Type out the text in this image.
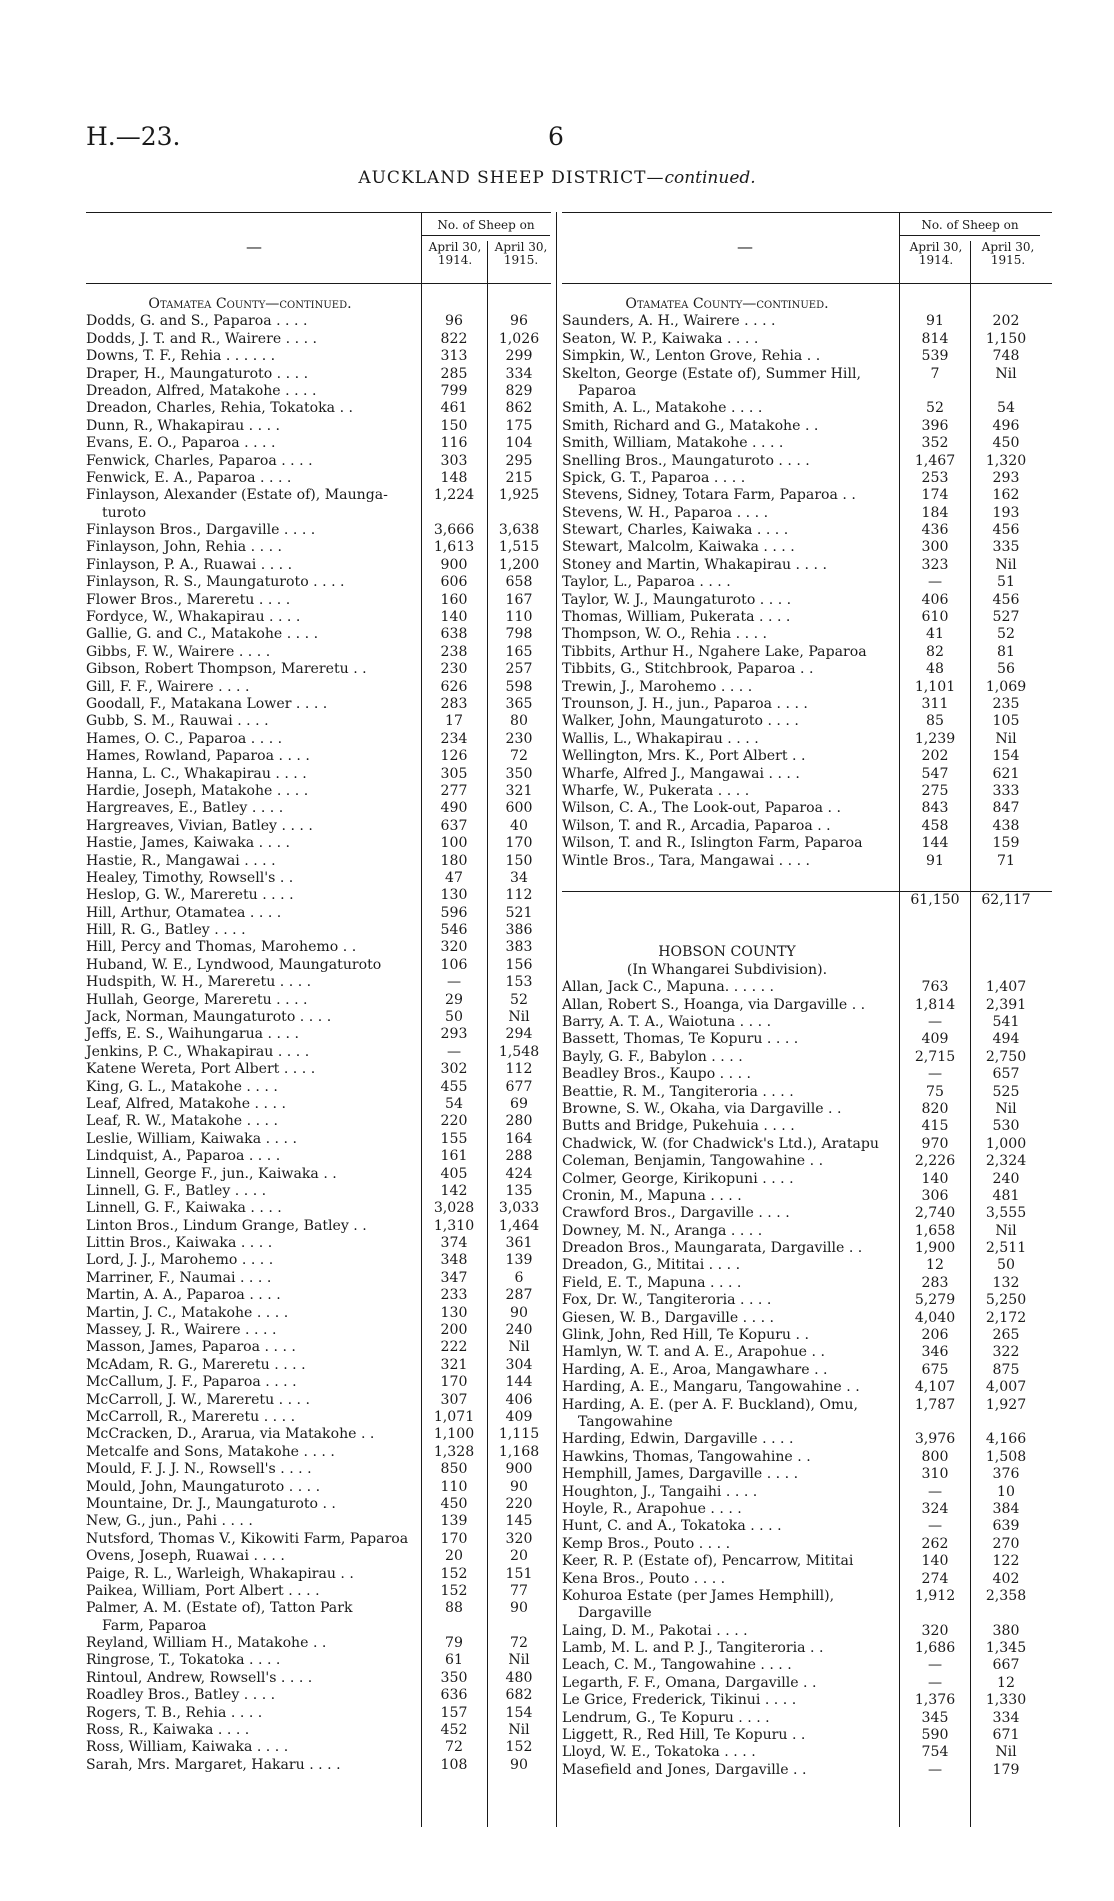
H.—23.	6
AUCKLAND SHEEP DISTRICT—continued.
—
No. of Sheep on
April 30, 1914.
April 30, 1915.
Otamatea County—continued.
Dodds, G. and S., Paparoa . . . .	96	96
Dodds, J. T. and R., Wairere . . . .	822	1,026
Downs, T. F., Rehia . . . . . .	313	299
Draper, H., Maungaturoto . . . .	285	334
Dreadon, Alfred, Matakohe . . . .	799	829
Dreadon, Charles, Rehia, Tokatoka . .	461	862
Dunn, R., Whakapirau . . . .	150	175
Evans, E. O., Paparoa . . . .	116	104
Fenwick, Charles, Paparoa . . . .	303	295
Fenwick, E. A., Paparoa . . . .	148	215
Finlayson, Alexander (Estate of), Maunga-	1,224	1,925
turoto
Finlayson Bros., Dargaville . . . .	3,666	3,638
Finlayson, John, Rehia . . . .	1,613	1,515
Finlayson, P. A., Ruawai . . . .	900	1,200
Finlayson, R. S., Maungaturoto . . . .	606	658
Flower Bros., Mareretu . . . .	160	167
Fordyce, W., Whakapirau . . . .	140	110
Gallie, G. and C., Matakohe . . . .	638	798
Gibbs, F. W., Wairere . . . .	238	165
Gibson, Robert Thompson, Mareretu . .	230	257
Gill, F. F., Wairere . . . .	626	598
Goodall, F., Matakana Lower . . . .	283	365
Gubb, S. M., Rauwai . . . .	17	80
Hames, O. C., Paparoa . . . .	234	230
Hames, Rowland, Paparoa . . . .	126	72
Hanna, L. C., Whakapirau . . . .	305	350
Hardie, Joseph, Matakohe . . . .	277	321
Hargreaves, E., Batley . . . .	490	600
Hargreaves, Vivian, Batley . . . .	637	40
Hastie, James, Kaiwaka . . . .	100	170
Hastie, R., Mangawai . . . .	180	150
Healey, Timothy, Rowsell's . .	47	34
Heslop, G. W., Mareretu . . . .	130	112
Hill, Arthur, Otamatea . . . .	596	521
Hill, R. G., Batley . . . .	546	386
Hill, Percy and Thomas, Marohemo . .	320	383
Huband, W. E., Lyndwood, Maungaturoto	106	156
Hudspith, W. H., Mareretu . . . .	—	153
Hullah, George, Mareretu . . . .	29	52
Jack, Norman, Maungaturoto . . . .	50	Nil
Jeffs, E. S., Waihungarua . . . .	293	294
Jenkins, P. C., Whakapirau . . . .	—	1,548
Katene Wereta, Port Albert . . . .	302	112
King, G. L., Matakohe . . . .	455	677
Leaf, Alfred, Matakohe . . . .	54	69
Leaf, R. W., Matakohe . . . .	220	280
Leslie, William, Kaiwaka . . . .	155	164
Lindquist, A., Paparoa . . . .	161	288
Linnell, George F., jun., Kaiwaka . .	405	424
Linnell, G. F., Batley . . . .	142	135
Linnell, G. F., Kaiwaka . . . .	3,028	3,033
Linton Bros., Lindum Grange, Batley . .	1,310	1,464
Littin Bros., Kaiwaka . . . .	374	361
Lord, J. J., Marohemo . . . .	348	139
Marriner, F., Naumai . . . .	347	6
Martin, A. A., Paparoa . . . .	233	287
Martin, J. C., Matakohe . . . .	130	90
Massey, J. R., Wairere . . . .	200	240
Masson, James, Paparoa . . . .	222	Nil
McAdam, R. G., Mareretu . . . .	321	304
McCallum, J. F., Paparoa . . . .	170	144
McCarroll, J. W., Mareretu . . . .	307	406
McCarroll, R., Mareretu . . . .	1,071	409
McCracken, D., Ararua, via Matakohe . .	1,100	1,115
Metcalfe and Sons, Matakohe . . . .	1,328	1,168
Mould, F. J. J. N., Rowsell's . . . .	850	900
Mould, John, Maungaturoto . . . .	110	90
Mountaine, Dr. J., Maungaturoto . .	450	220
New, G., jun., Pahi . . . .	139	145
Nutsford, Thomas V., Kikowiti Farm, Paparoa	170	320
Ovens, Joseph, Ruawai . . . .	20	20
Paige, R. L., Warleigh, Whakapirau . .	152	151
Paikea, William, Port Albert . . . .	152	77
Palmer, A. M. (Estate of), Tatton Park	88	90
Farm, Paparoa
Reyland, William H., Matakohe . .	79	72
Ringrose, T., Tokatoka . . . .	61	Nil
Rintoul, Andrew, Rowsell's . . . .	350	480
Roadley Bros., Batley . . . .	636	682
Rogers, T. B., Rehia . . . .	157	154
Ross, R., Kaiwaka . . . .	452	Nil
Ross, William, Kaiwaka . . . .	72	152
Sarah, Mrs. Margaret, Hakaru . . . .	108	90
—
No. of Sheep on
April 30, 1914.
April 30, 1915.
Otamatea County—continued.
Saunders, A. H., Wairere . . . .	91	202
Seaton, W. P., Kaiwaka . . . .	814	1,150
Simpkin, W., Lenton Grove, Rehia . .	539	748
Skelton, George (Estate of), Summer Hill,	7	Nil
Paparoa
Smith, A. L., Matakohe . . . .	52	54
Smith, Richard and G., Matakohe . .	396	496
Smith, William, Matakohe . . . .	352	450
Snelling Bros., Maungaturoto . . . .	1,467	1,320
Spick, G. T., Paparoa . . . .	253	293
Stevens, Sidney, Totara Farm, Paparoa . .	174	162
Stevens, W. H., Paparoa . . . .	184	193
Stewart, Charles, Kaiwaka . . . .	436	456
Stewart, Malcolm, Kaiwaka . . . .	300	335
Stoney and Martin, Whakapirau . . . .	323	Nil
Taylor, L., Paparoa . . . .	—	51
Taylor, W. J., Maungaturoto . . . .	406	456
Thomas, William, Pukerata . . . .	610	527
Thompson, W. O., Rehia . . . .	41	52
Tibbits, Arthur H., Ngahere Lake, Paparoa	82	81
Tibbits, G., Stitchbrook, Paparoa . .	48	56
Trewin, J., Marohemo . . . .	1,101	1,069
Trounson, J. H., jun., Paparoa . . . .	311	235
Walker, John, Maungaturoto . . . .	85	105
Wallis, L., Whakapirau . . . .	1,239	Nil
Wellington, Mrs. K., Port Albert . .	202	154
Wharfe, Alfred J., Mangawai . . . .	547	621
Wharfe, W., Pukerata . . . .	275	333
Wilson, C. A., The Look-out, Paparoa . .	843	847
Wilson, T. and R., Arcadia, Paparoa . .	458	438
Wilson, T. and R., Islington Farm, Paparoa	144	159
Wintle Bros., Tara, Mangawai . . . .	91	71
61,150	62,117
HOBSON COUNTY
(In Whangarei Subdivision).
Allan, Jack C., Mapuna. . . . . .	763	1,407
Allan, Robert S., Hoanga, via Dargaville . .	1,814	2,391
Barry, A. T. A., Waiotuna . . . .	—	541
Bassett, Thomas, Te Kopuru . . . .	409	494
Bayly, G. F., Babylon . . . .	2,715	2,750
Beadley Bros., Kaupo . . . .	—	657
Beattie, R. M., Tangiteroria . . . .	75	525
Browne, S. W., Okaha, via Dargaville . .	820	Nil
Butts and Bridge, Pukehuia . . . .	415	530
Chadwick, W. (for Chadwick's Ltd.), Aratapu	970	1,000
Coleman, Benjamin, Tangowahine . .	2,226	2,324
Colmer, George, Kirikopuni . . . .	140	240
Cronin, M., Mapuna . . . .	306	481
Crawford Bros., Dargaville . . . .	2,740	3,555
Downey, M. N., Aranga . . . .	1,658	Nil
Dreadon Bros., Maungarata, Dargaville . .	1,900	2,511
Dreadon, G., Mititai . . . .	12	50
Field, E. T., Mapuna . . . .	283	132
Fox, Dr. W., Tangiteroria . . . .	5,279	5,250
Giesen, W. B., Dargaville . . . .	4,040	2,172
Glink, John, Red Hill, Te Kopuru . .	206	265
Hamlyn, W. T. and A. E., Arapohue . .	346	322
Harding, A. E., Aroa, Mangawhare . .	675	875
Harding, A. E., Mangaru, Tangowahine . .	4,107	4,007
Harding, A. E. (per A. F. Buckland), Omu,	1,787	1,927
Tangowahine
Harding, Edwin, Dargaville . . . .	3,976	4,166
Hawkins, Thomas, Tangowahine . .	800	1,508
Hemphill, James, Dargaville . . . .	310	376
Houghton, J., Tangaihi . . . .	—	10
Hoyle, R., Arapohue . . . .	324	384
Hunt, C. and A., Tokatoka . . . .	—	639
Kemp Bros., Pouto . . . .	262	270
Keer, R. P. (Estate of), Pencarrow, Mititai	140	122
Kena Bros., Pouto . . . .	274	402
Kohuroa Estate (per James Hemphill),	1,912	2,358
Dargaville
Laing, D. M., Pakotai . . . .	320	380
Lamb, M. L. and P. J., Tangiteroria . .	1,686	1,345
Leach, C. M., Tangowahine . . . .	—	667
Legarth, F. F., Omana, Dargaville . .	—	12
Le Grice, Frederick, Tikinui . . . .	1,376	1,330
Lendrum, G., Te Kopuru . . . .	345	334
Liggett, R., Red Hill, Te Kopuru . .	590	671
Lloyd, W. E., Tokatoka . . . .	754	Nil
Masefield and Jones, Dargaville . .	—	179
